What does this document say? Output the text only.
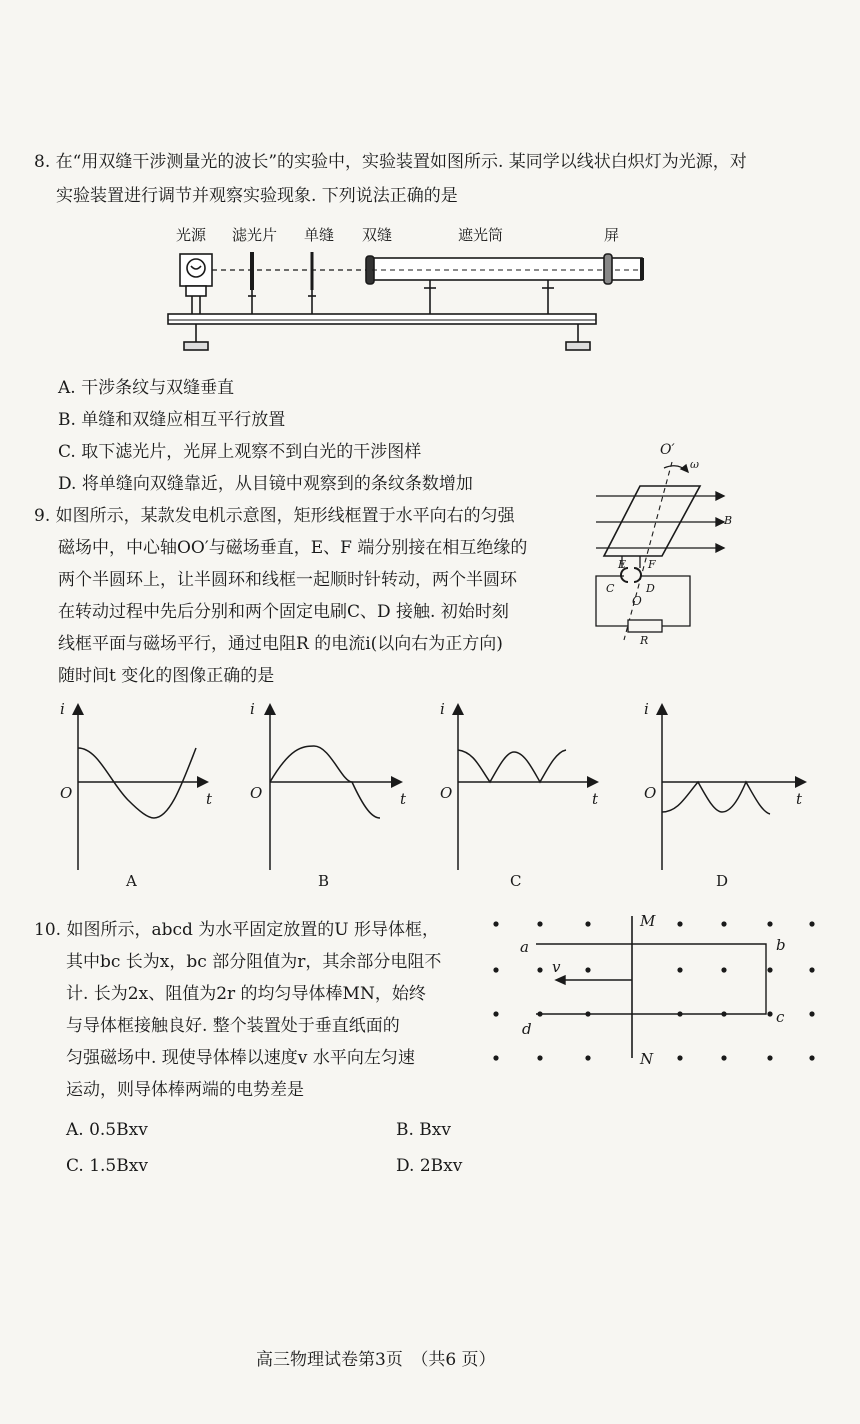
8. 在“用双缝干涉测量光的波长”的实验中，实验装置如图所示. 某同学以线状白炽灯为光源，对
实验装置进行调节并观察实验现象. 下列说法正确的是
光源 滤光片 单缝 双缝	遮光筒	屏
A. 干涉条纹与双缝垂直
B. 单缝和双缝应相互平行放置
C. 取下滤光片，光屏上观察不到白光的干涉图样
D. 将单缝向双缝靠近，从目镜中观察到的条纹条数增加
9. 如图所示，某款发电机示意图，矩形线框置于水平向右的匀强
磁场中，中心轴OO′与磁场垂直，E、F 端分别接在相互绝缘的
两个半圆环上，让半圆环和线框一起顺时针转动，两个半圆环
在转动过程中先后分别和两个固定电刷C、D 接触. 初始时刻
线框平面与磁场平行，通过电阻R 的电流i(以向右为正方向)
随时间t 变化的图像正确的是
O′
ω
B
E F
C	D
O
R
i
O	t
A
i
O	t
B
i
O	t
C
i
O	t
D
10. 如图所示，abcd 为水平固定放置的U 形导体框，
其中bc 长为x，bc 部分阻值为r，其余部分电阻不
计. 长为2x、阻值为2r 的均匀导体棒MN，始终
与导体框接触良好. 整个装置处于垂直纸面的
匀强磁场中. 现使导体棒以速度v 水平向左匀速
运动，则导体棒两端的电势差是
A. 0.5Bxv	B. Bxv
C. 1.5Bxv	D. 2Bxv
M
N
a	b
c
d
v
高三物理试卷第3页　（共6 页）
